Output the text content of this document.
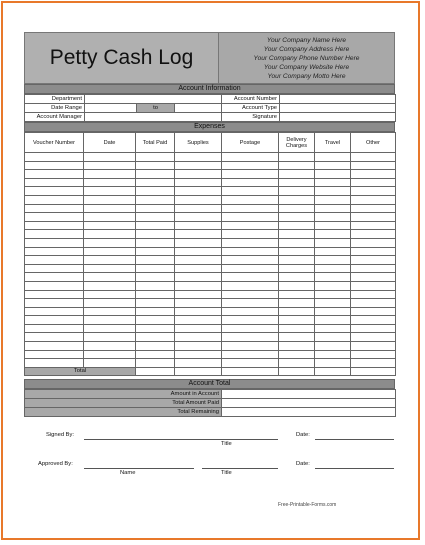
Petty Cash Log
Your Company Name Here
Your Company Address Here
Your Company Phone Number Here
Your Company Website Here
Your Company Motto Here
Account Information
Department				Account Number	
Date Range		to		Account Type	
Account Manager				Signature	
Expenses
Voucher Number	Date	Total Paid	Supplies	Postage	Delivery Charges	Travel	Other

Total							
Account Total
Amount in Account	
Total Amount Paid	
Total Remaining	
Signed By:
Title
Date:
Approved By:
Name	Title
Date:
Free-Printable-Forms.com
